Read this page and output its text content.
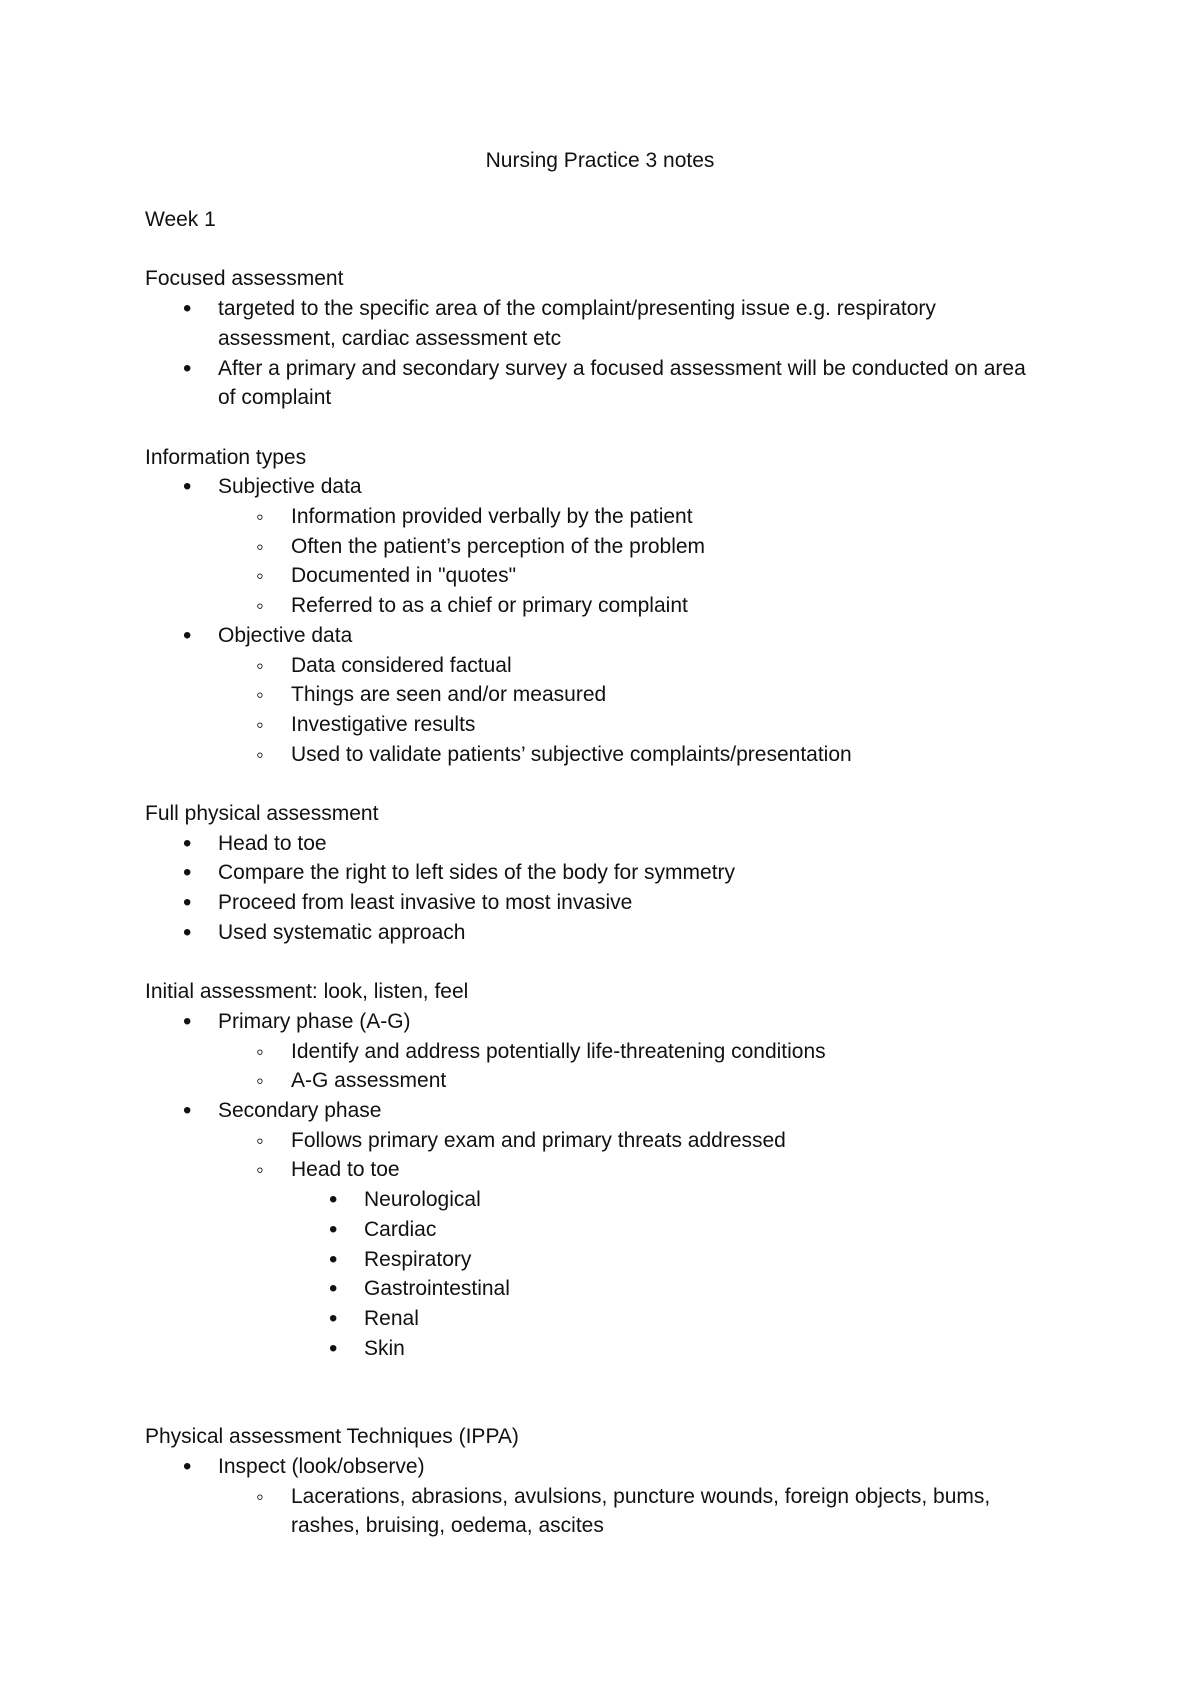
Nursing Practice 3 notes

Week 1

Focused assessment

•
targeted to the specific area of the complaint/presenting issue e.g. respiratory assessment, cardiac assessment etc
•
After a primary and secondary survey a focused assessment will be conducted on area of complaint

Information types

•
Subjective data
◦
Information provided verbally by the patient
◦
Often the patient’s perception of the problem
◦
Documented in "quotes"
◦
Referred to as a chief or primary complaint
•
Objective data
◦
Data considered factual
◦
Things are seen and/or measured
◦
Investigative results
◦
Used to validate patients’ subjective complaints/presentation

Full physical assessment

•
Head to toe
•
Compare the right to left sides of the body for symmetry
•
Proceed from least invasive to most invasive
•
Used systematic approach

Initial assessment: look, listen, feel

•
Primary phase (A-G)
◦
Identify and address potentially life-threatening conditions
◦
A-G assessment
•
Secondary phase
◦
Follows primary exam and primary threats addressed
◦
Head to toe
•
Neurological
•
Cardiac
•
Respiratory
•
Gastrointestinal
•
Renal
•
Skin

Physical assessment Techniques (IPPA)

•
Inspect (look/observe)
◦
Lacerations, abrasions, avulsions, puncture wounds, foreign objects, bums, rashes, bruising, oedema, ascites
